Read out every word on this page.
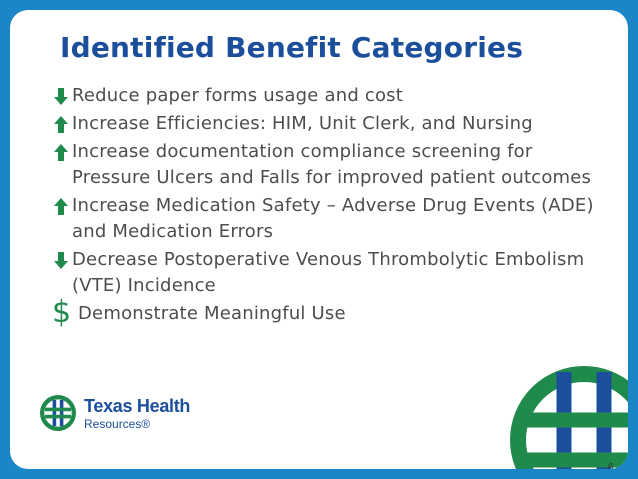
Identified Benefit Categories
Reduce paper forms usage and cost
Increase Efficiencies: HIM, Unit Clerk, and Nursing
Increase documentation compliance screening for Pressure Ulcers and Falls for improved patient outcomes
Increase Medication Safety – Adverse Drug Events (ADE) and Medication Errors
Decrease Postoperative Venous Thrombolytic Embolism (VTE) Incidence
$ Demonstrate Meaningful Use
Texas Health
Resources®
6
